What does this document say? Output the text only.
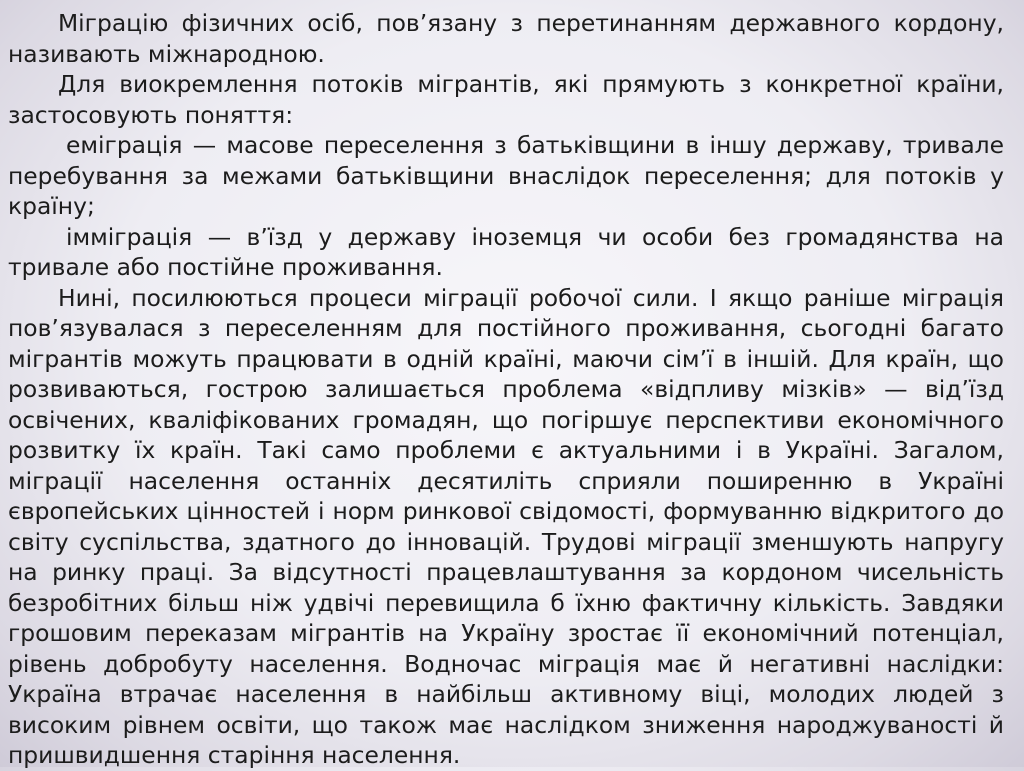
Міграцію фізичних осіб, пов’язану з перетинанням державного кордону, називають міжнародною.

Для виокремлення потоків мігрантів, які прямують з конкретної країни, застосовують поняття:

еміграція — масове переселення з батьківщини в іншу державу, тривале перебування за межами батьківщини внаслідок переселення; для потоків у країну;

імміграція — в’їзд у державу іноземця чи особи без громадянства на тривале або постійне проживання.

Нині, посилюються процеси міграції робочої сили. І якщо раніше міграція пов’язувалася з переселенням для постійного проживання, сьогодні багато мігрантів можуть працювати в одній країні, маючи сім’ї в іншій. Для країн, що розвиваються, гострою залишається проблема «відпливу мізків» — від’їзд освічених, кваліфікованих громадян, що погіршує перспективи економічного розвитку їх країн. Такі само проблеми є актуальними і в Україні. Загалом, міграції населення останніх десятиліть сприяли поширенню в Україні європейських цінностей і норм ринкової свідомості, формуванню відкритого до світу суспільства, здатного до інновацій. Трудові міграції зменшують напругу на ринку праці. За відсутності працевлаштування за кордоном чисельність безробітних більш ніж удвічі перевищила б їхню фактичну кількість. Завдяки грошовим переказам мігрантів на Україну зростає її економічний потенціал, рівень добробуту населення. Водночас міграція має й негативні наслідки: Україна втрачає населення в найбільш активному віці, молодих людей з високим рівнем освіти, що також має наслідком зниження народжуваності й пришвидшення старіння населення.
